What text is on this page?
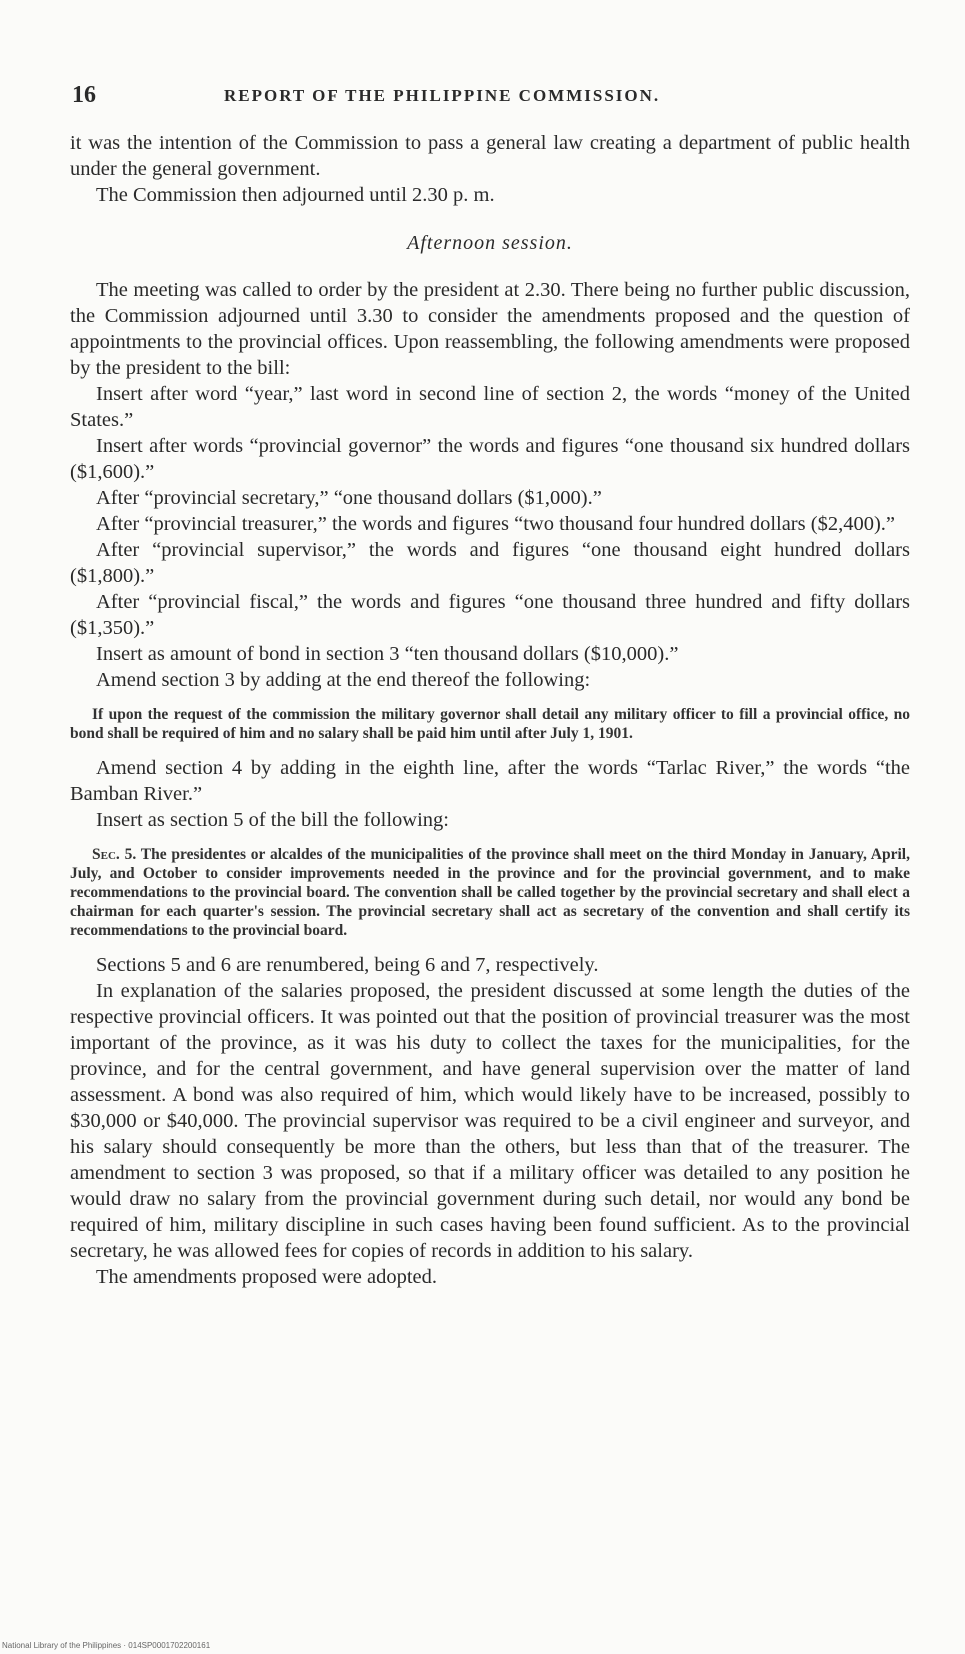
16	REPORT OF THE PHILIPPINE COMMISSION.

it was the intention of the Commission to pass a general law creating a department of public health under the general government.

The Commission then adjourned until 2.30 p. m.

Afternoon session.

The meeting was called to order by the president at 2.30. There being no further public discussion, the Commission adjourned until 3.30 to consider the amendments proposed and the question of appointments to the provincial offices. Upon reassembling, the following amendments were proposed by the president to the bill:

Insert after word “year,” last word in second line of section 2, the words “money of the United States.”

Insert after words “provincial governor” the words and figures “one thousand six hundred dollars ($1,600).”

After “provincial secretary,” “one thousand dollars ($1,000).”

After “provincial treasurer,” the words and figures “two thousand four hundred dollars ($2,400).”

After “provincial supervisor,” the words and figures “one thousand eight hundred dollars ($1,800).”

After “provincial fiscal,” the words and figures “one thousand three hundred and fifty dollars ($1,350).”

Insert as amount of bond in section 3 “ten thousand dollars ($10,000).”

Amend section 3 by adding at the end thereof the following:

If upon the request of the commission the military governor shall detail any military officer to fill a provincial office, no bond shall be required of him and no salary shall be paid him until after July 1, 1901.

Amend section 4 by adding in the eighth line, after the words “Tarlac River,” the words “the Bamban River.”

Insert as section 5 of the bill the following:

Sec. 5. The presidentes or alcaldes of the municipalities of the province shall meet on the third Monday in January, April, July, and October to consider improvements needed in the province and for the provincial government, and to make recommendations to the provincial board. The convention shall be called together by the provincial secretary and shall elect a chairman for each quarter's session. The provincial secretary shall act as secretary of the convention and shall certify its recommendations to the provincial board.

Sections 5 and 6 are renumbered, being 6 and 7, respectively.

In explanation of the salaries proposed, the president discussed at some length the duties of the respective provincial officers. It was pointed out that the position of provincial treasurer was the most important of the province, as it was his duty to collect the taxes for the municipalities, for the province, and for the central government, and have general supervision over the matter of land assessment. A bond was also required of him, which would likely have to be increased, possibly to $30,000 or $40,000. The provincial supervisor was required to be a civil engineer and surveyor, and his salary should consequently be more than the others, but less than that of the treasurer. The amendment to section 3 was proposed, so that if a military officer was detailed to any position he would draw no salary from the provincial government during such detail, nor would any bond be required of him, military discipline in such cases having been found sufficient. As to the provincial secretary, he was allowed fees for copies of records in addition to his salary.

The amendments proposed were adopted.

National Library of the Philippines · 014SP0001702200161
